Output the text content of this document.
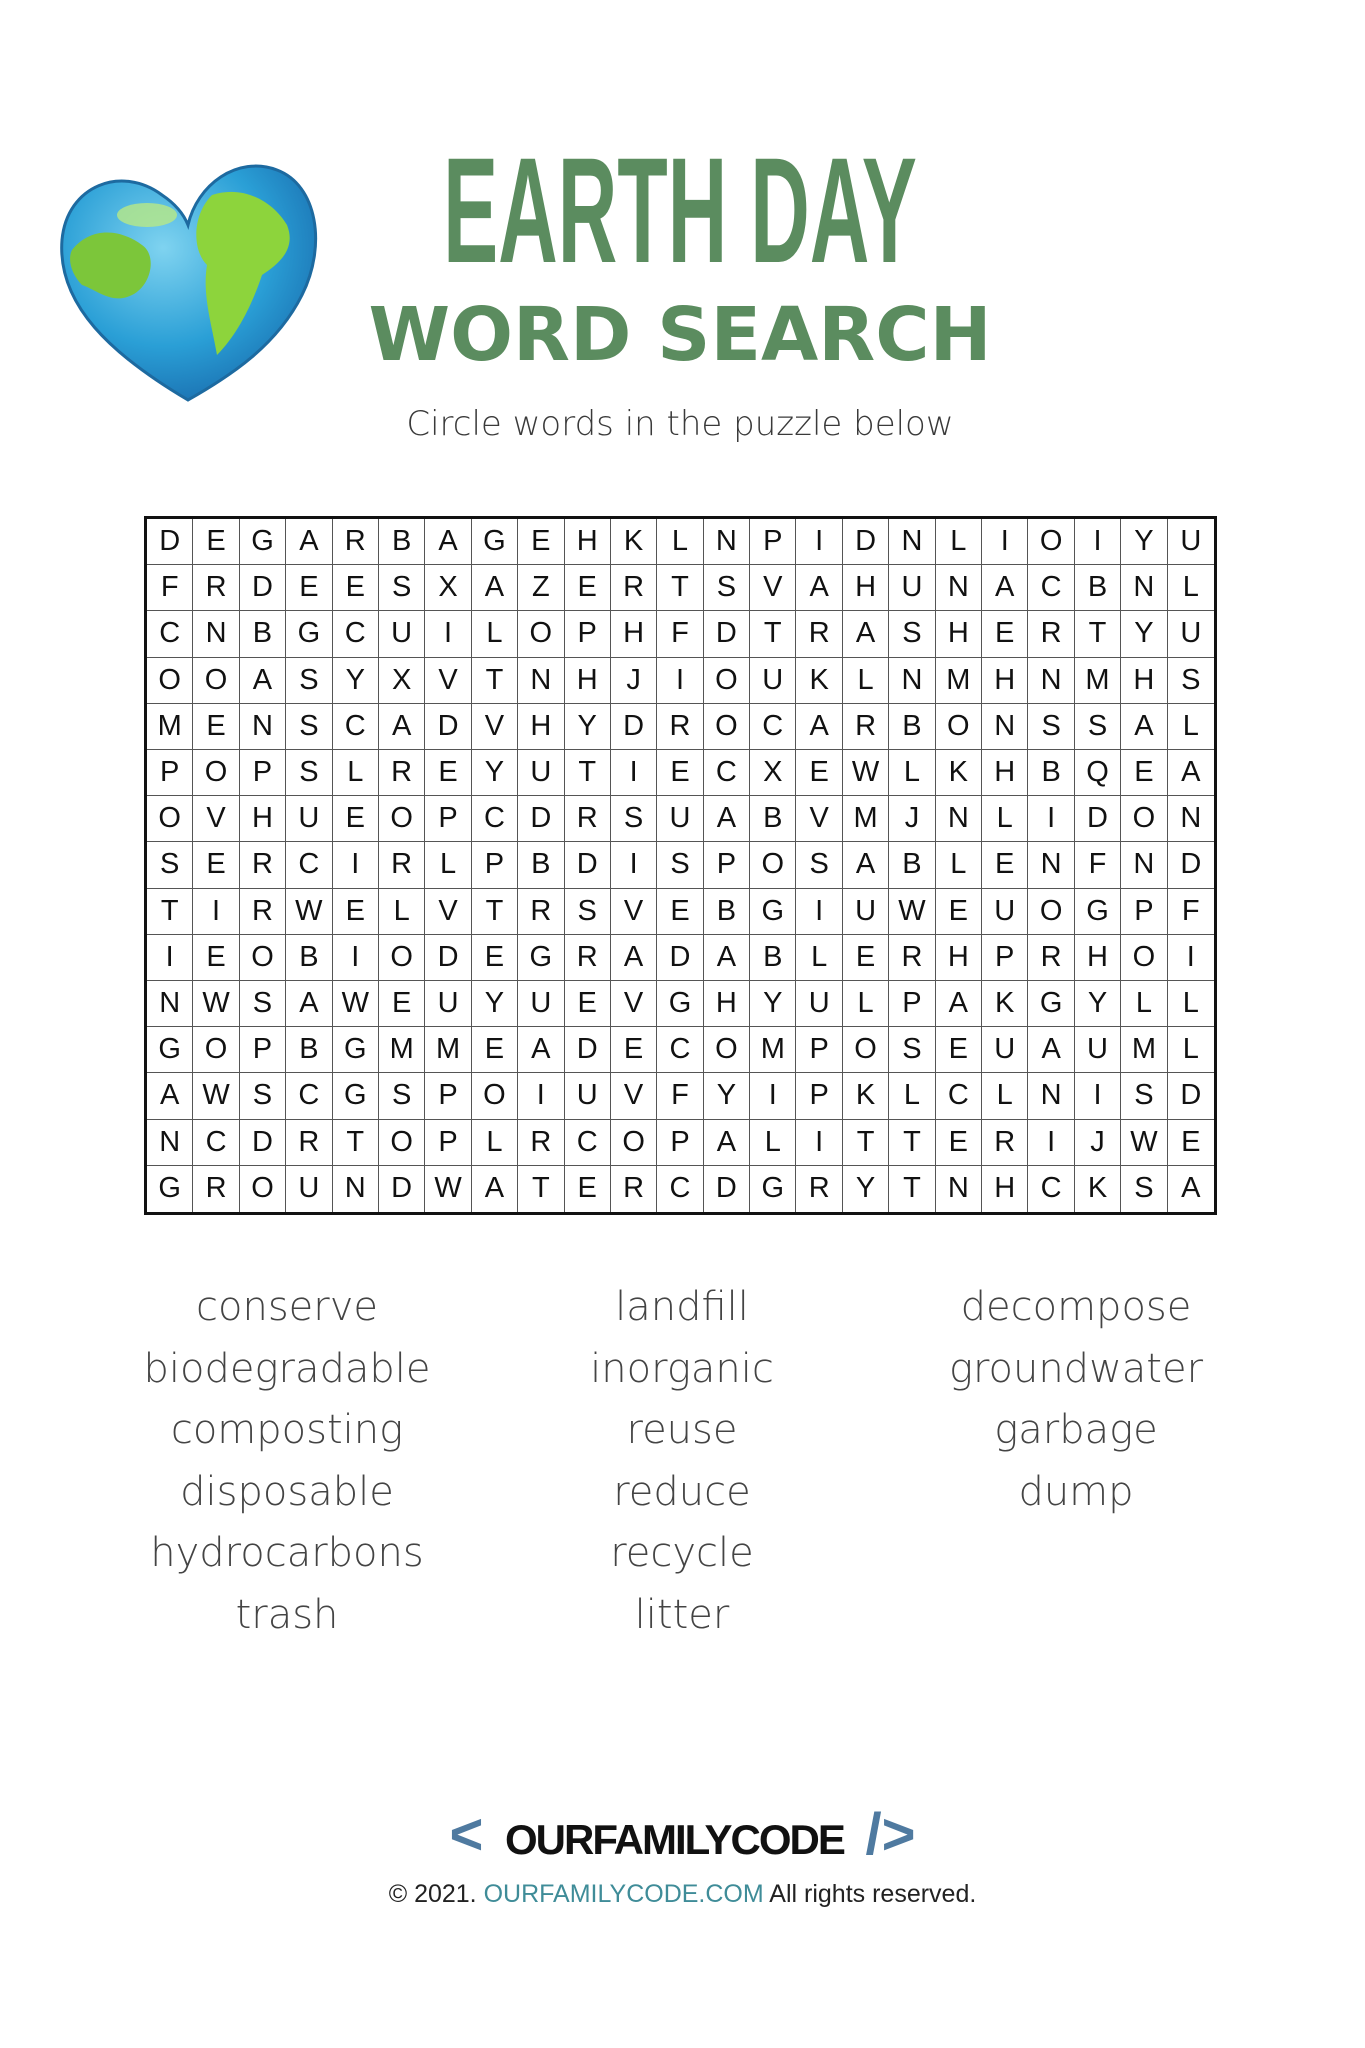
EARTH DAY
WORD SEARCH
Circle words in the puzzle below
D E G A R B A G E H K L N P	I	D N L	I	O	I	Y U
F R D E E S X A Z E R T S V A H U N A C B N L
C N B G C U	I	L O P H F D T R A S H E R T Y U
O O A S Y X V T N H J	I	O U K L N M H N M H S
M E N S C A D V H Y D R O C A R B O N S S A	L
P O P S L R E Y U T	I	E C X E W L K H B Q E A
O V H U E O P C D R S U A B V M J N L	I	D O N
S E R C	I	R L P B D	I	S P O S A B L E N F N D
T	I	R W E L V T R S V E B G	I	U W E U O G P F
I	E O B	I	O D E G R A D A B L E R H P R H O	I
N W S A W E U Y U E V G H Y U L P A K G Y L	L
G O P B G M M E A D E C O M P O S E U A U M L
A W S C G S P O	I	U V F Y	I	P K L C L N	I	S D
N C D R T O P L R C O P A L	I	T T E R	I	J W E
G R O U N D W A T E R C D G R Y T N H C K S A
conserve
biodegradable
composting
disposable
hydrocarbons
trash
landfill
inorganic
reuse
reduce
recycle
litter
decompose
groundwater
garbage
dump
< OURFAMILYCODE />
© 2021. OURFAMILYCODE.COM All rights reserved.
